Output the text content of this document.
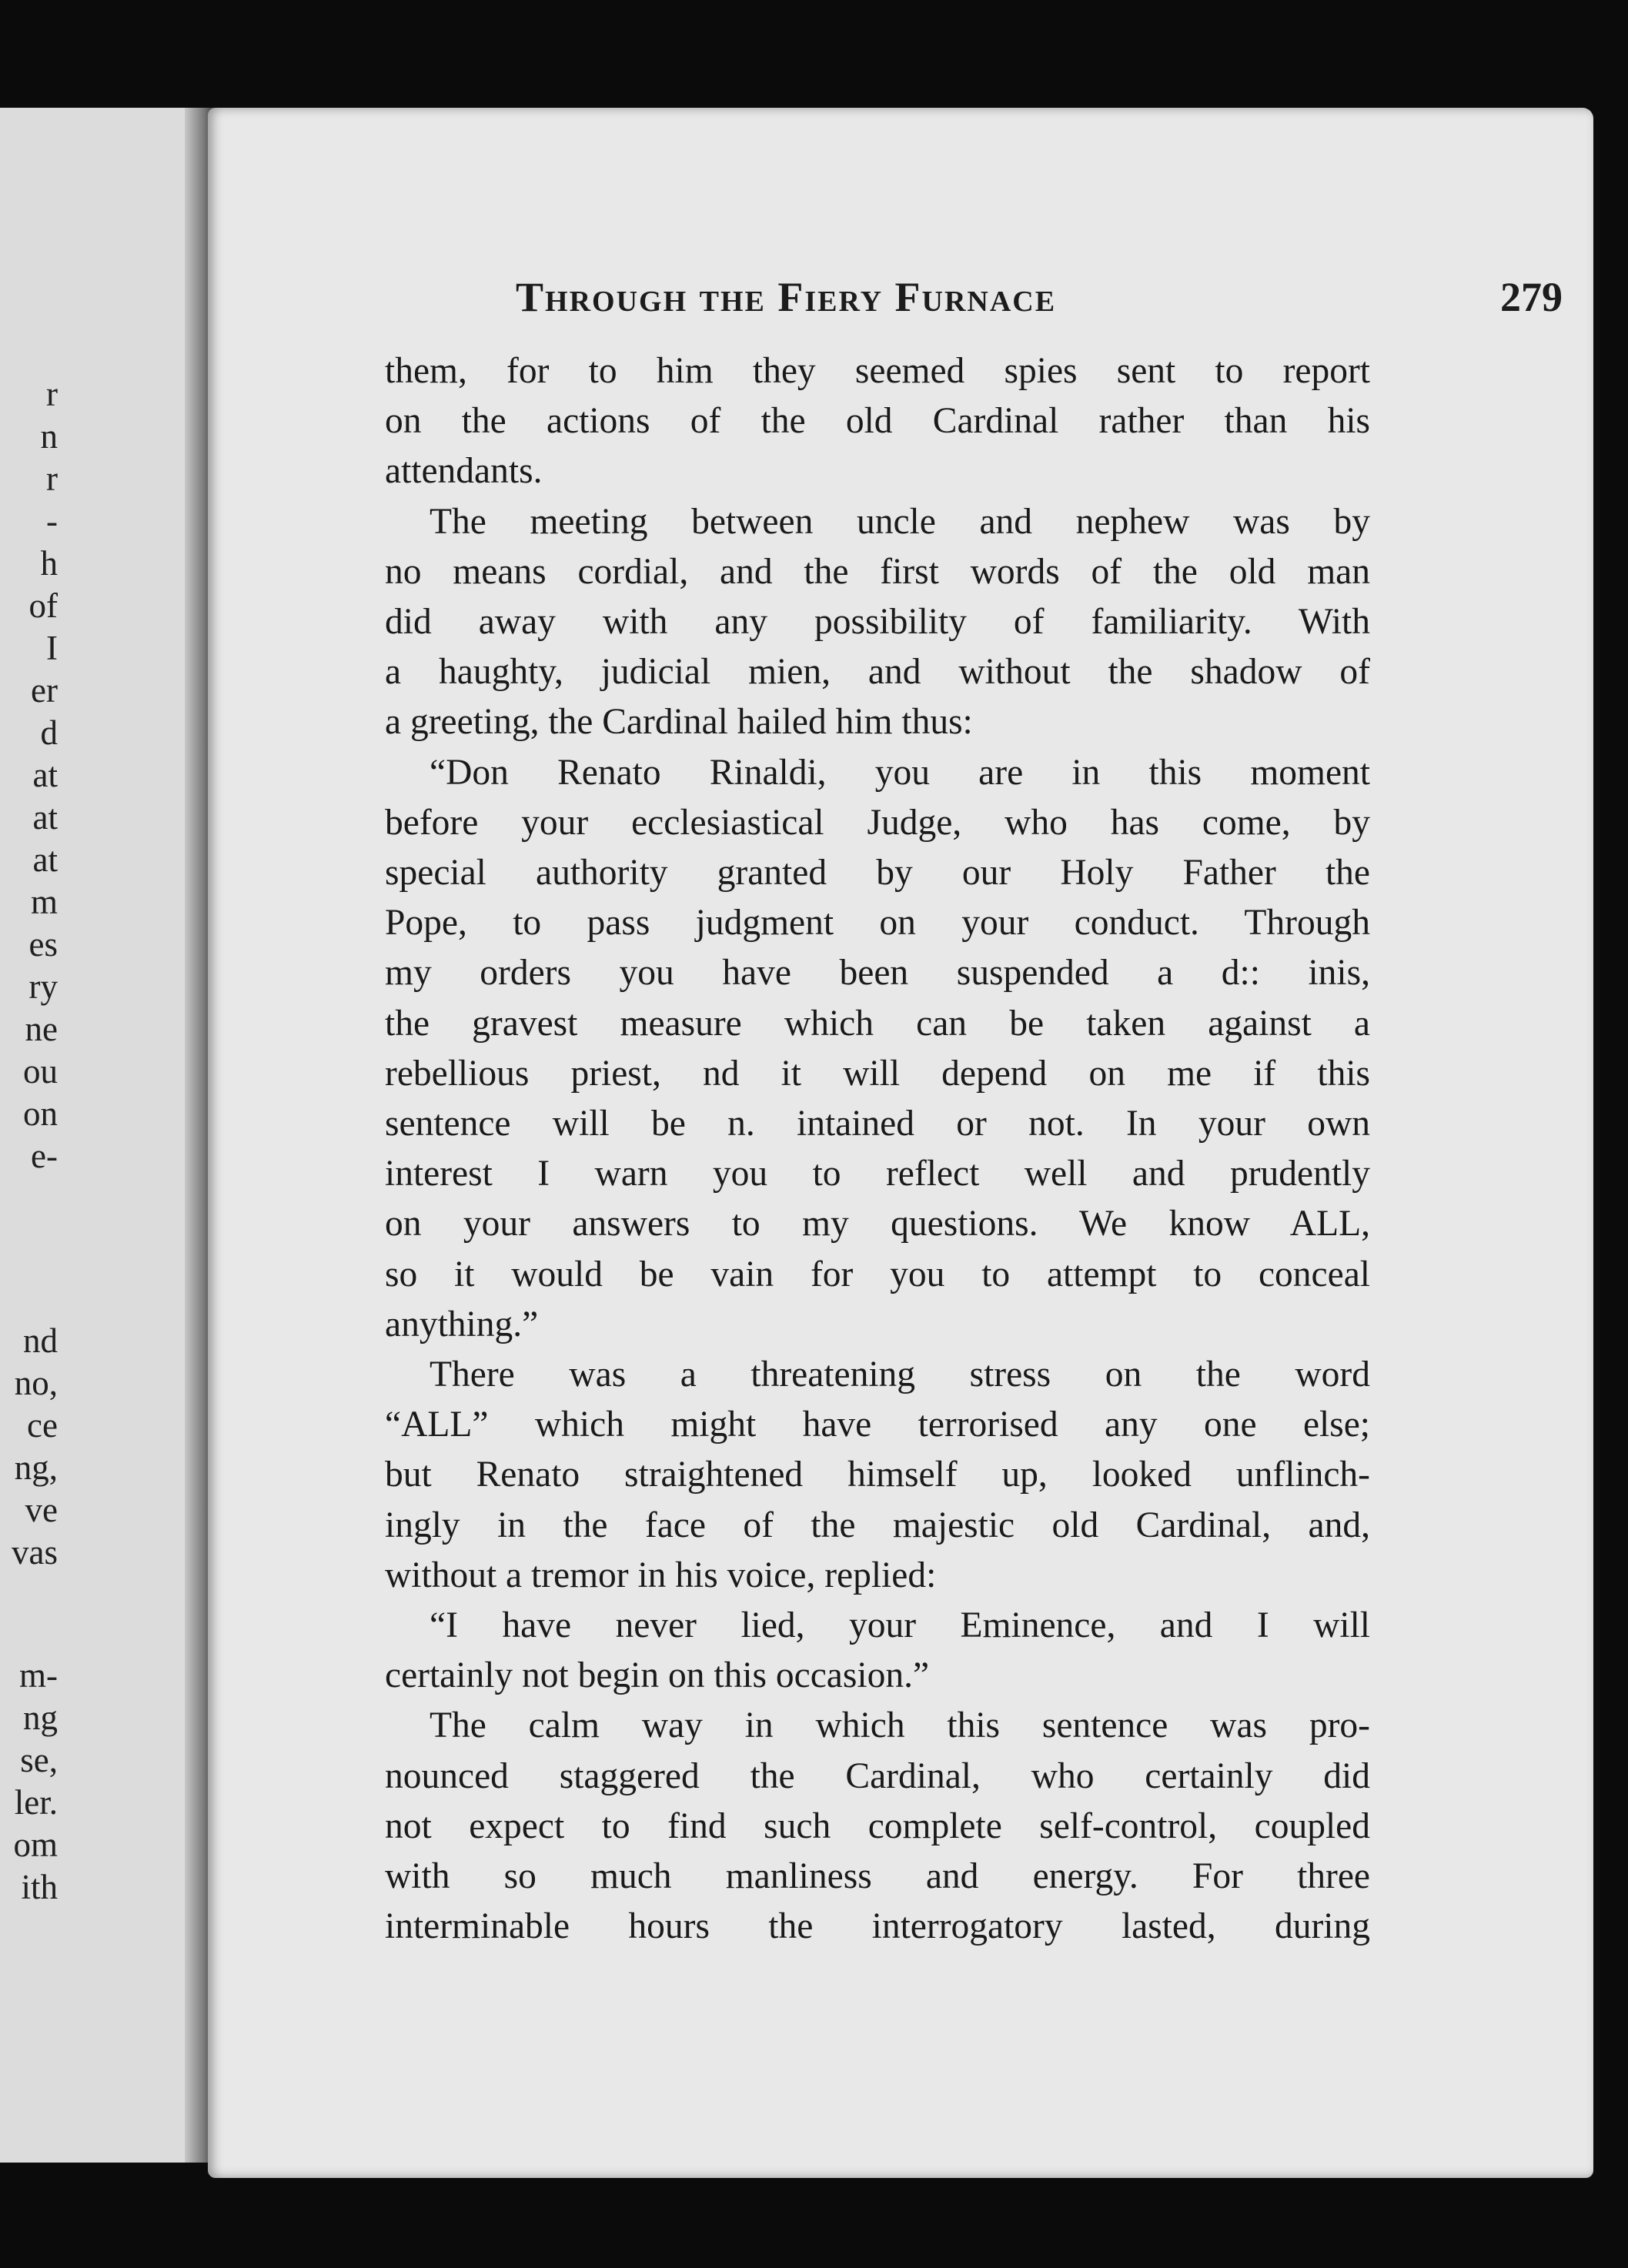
r
n
r
-
h
of
I
er
d
at
at
at
m
es
ry
ne
ou
on
e-
nd
no,
ce
ng,
ve
vas
m-
ng
se,
ler.
om
ith
Through the Fiery Furnace	279
them, for to him they seemed spies sent to report
on the actions of the old Cardinal rather than his
attendants.
The meeting between uncle and nephew was by
no means cordial, and the first words of the old man
did away with any possibility of familiarity. With
a haughty, judicial mien, and without the shadow of
a greeting, the Cardinal hailed him thus:
“Don Renato Rinaldi, you are in this moment
before your ecclesiastical Judge, who has come, by
special authority granted by our Holy Father the
Pope, to pass judgment on your conduct. Through
my orders you have been suspended a d:: inis,
the gravest measure which can be taken against a
rebellious priest, nd it will depend on me if this
sentence will be n. intained or not. In your own
interest I warn you to reflect well and prudently
on your answers to my questions. We know ALL,
so it would be vain for you to attempt to conceal
anything.”
There was a threatening stress on the word
“ALL” which might have terrorised any one else;
but Renato straightened himself up, looked unflinch-
ingly in the face of the majestic old Cardinal, and,
without a tremor in his voice, replied:
“I have never lied, your Eminence, and I will
certainly not begin on this occasion.”
The calm way in which this sentence was pro-
nounced staggered the Cardinal, who certainly did
not expect to find such complete self-control, coupled
with so much manliness and energy. For three
interminable hours the interrogatory lasted, during
